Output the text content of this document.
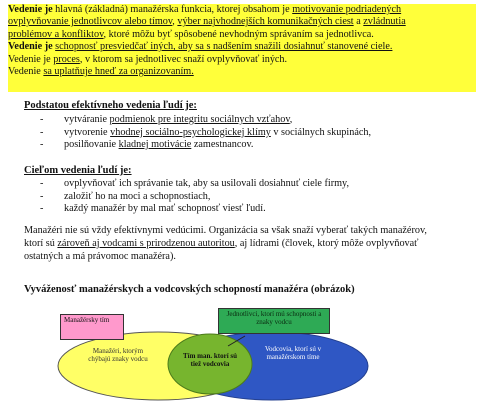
Vedenie je hlavná (základná) manažérska funkcia, ktorej obsahom je motivovanie podriadených

ovplyvňovanie jednotlivcov alebo tímov, výber najvhodnejších komunikačných ciest a zvládnutia

problémov a konfliktov, ktoré môžu byť spôsobené nevhodným správaním sa jednotlivca.

Vedenie je schopnosť presviedčať iných, aby sa s nadšením snažili dosiahnuť stanovené ciele.

Vedenie je proces, v ktorom sa jednotlivec snaží ovplyvňovať iných.

Vedenie sa uplatňuje hneď za organizovaním.

Podstatou efektívneho vedenia ľudí je:
- vytváranie podmienok pre integritu sociálnych vzťahov,
- vytvorenie vhodnej sociálno-psychologickej klímy v sociálnych skupinách,
- posilňovanie kladnej motivácie zamestnancov.
Cieľom vedenia ľudí je:
- ovplyvňovať ich správanie tak, aby sa usilovali dosiahnuť ciele firmy,
- založiť ho na moci a schopnostiach,
- každý manažér by mal mať schopnosť viesť ľudí.

Manažéri nie sú vždy efektívnymi vedúcimi. Organizácia sa však snaží vyberať takých manažérov,
ktorí sú zároveň aj vodcami s prirodzenou autoritou, aj lídrami (človek, ktorý môže ovplyvňovať
ostatných a má právomoc manažéra).

Vyváženosť manažérskych a vodcovských schopností manažéra (obrázok)
Manažérsky tím
Jednotlivci, ktorí mú schopnosti a znaky vodcu
Manažéri, ktorým chýbajú znaky vodcu	Tím man. ktorí sú tiež vodcovia
Vodcovia, ktorí sú v manažérskom tíme
